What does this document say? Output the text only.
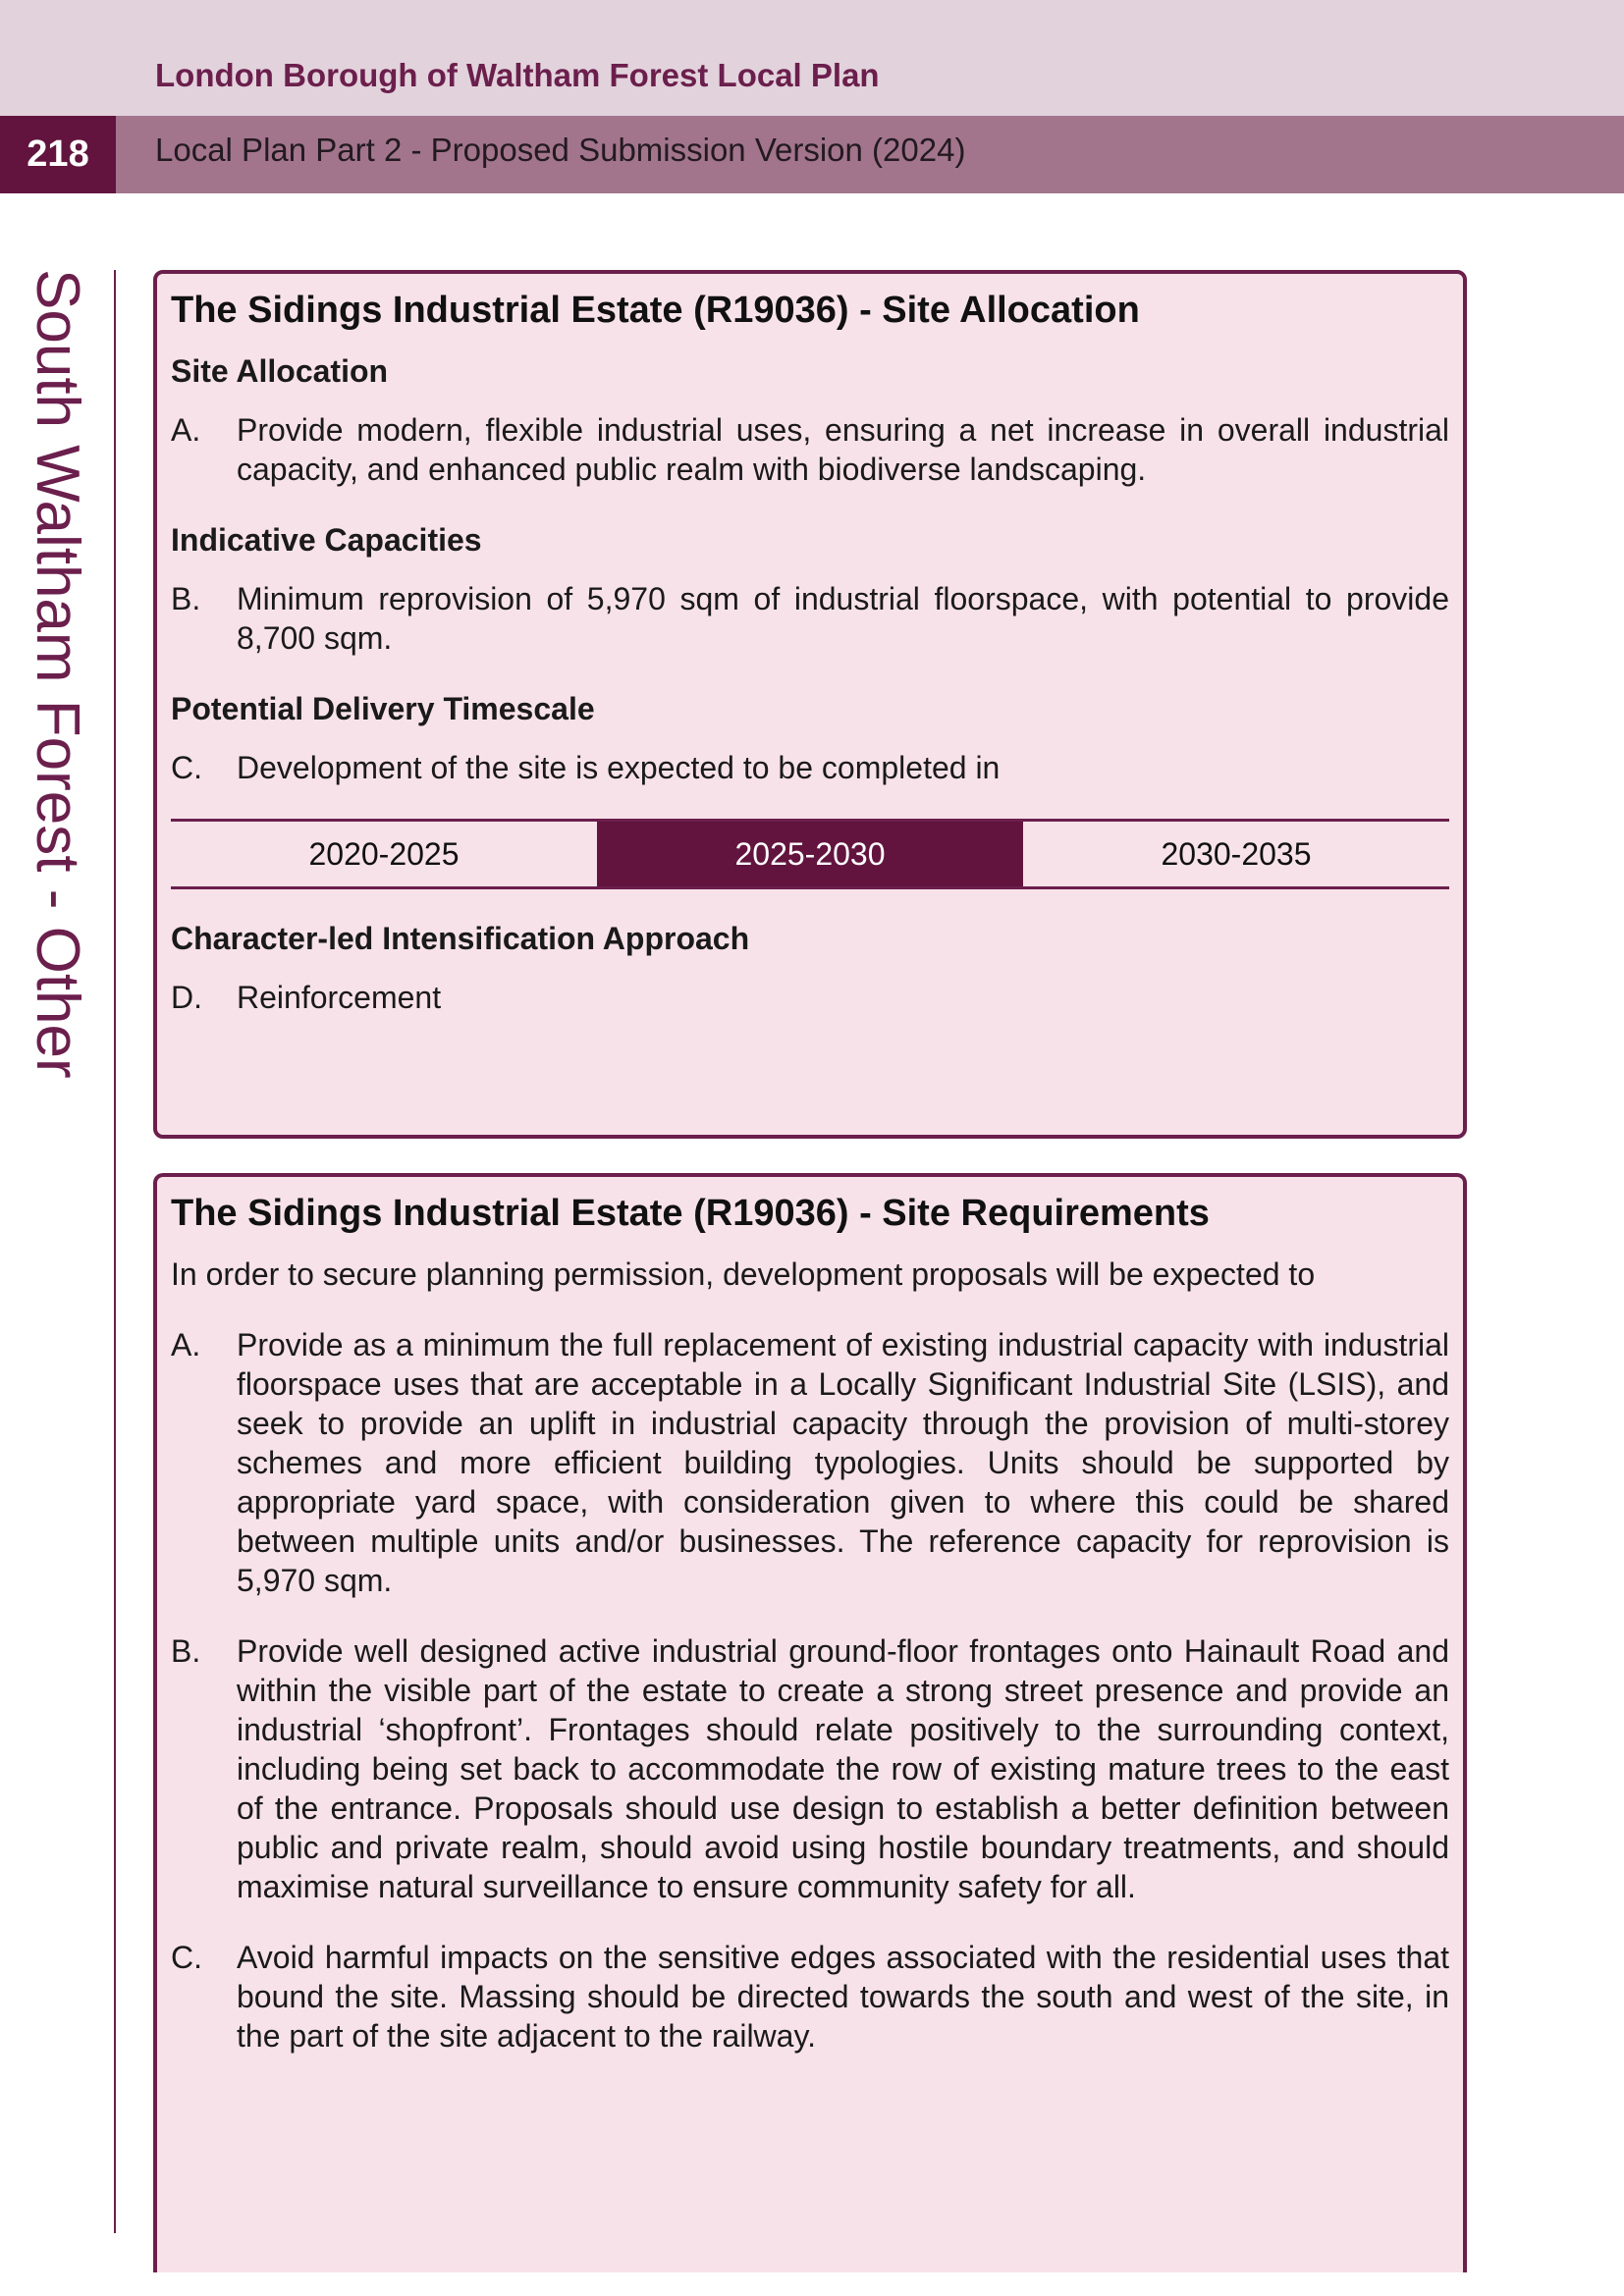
London Borough of Waltham Forest Local Plan
218	Local Plan Part 2 - Proposed Submission Version (2024)
South Waltham Forest - Other The Sidings Industrial Estate (R19036) - Site Allocation
Site Allocation
A.	Provide modern, flexible industrial uses, ensuring a net increase in overall industrial capacity, and enhanced public realm with biodiverse landscaping.
Indicative Capacities
B.	Minimum reprovision of 5,970 sqm of industrial floorspace, with potential to provide 8,700 sqm.
Potential Delivery Timescale
C.	Development of the site is expected to be completed in
2020-2025	2025-2030	2030-2035
Character-led Intensification Approach
D.	Reinforcement
The Sidings Industrial Estate (R19036) - Site Requirements
In order to secure planning permission, development proposals will be expected to
A.	Provide as a minimum the full replacement of existing industrial capacity with industrial floorspace uses that are acceptable in a Locally Significant Industrial Site (LSIS), and seek to provide an uplift in industrial capacity through the provision of multi-storey schemes and more efficient building typologies. Units should be supported by appropriate yard space, with consideration given to where this could be shared between multiple units and/or businesses. The reference capacity for reprovision is 5,970 sqm.
B.	Provide well designed active industrial ground-floor frontages onto Hainault Road and within the visible part of the estate to create a strong street presence and provide an industrial ‘shopfront’. Frontages should relate positively to the surrounding context, including being set back to accommodate the row of existing mature trees to the east of the entrance. Proposals should use design to establish a better definition between public and private realm, should avoid using hostile boundary treatments, and should maximise natural surveillance to ensure community safety for all.
C.	Avoid harmful impacts on the sensitive edges associated with the residential uses that bound the site. Massing should be directed towards the south and west of the site, in the part of the site adjacent to the railway.
